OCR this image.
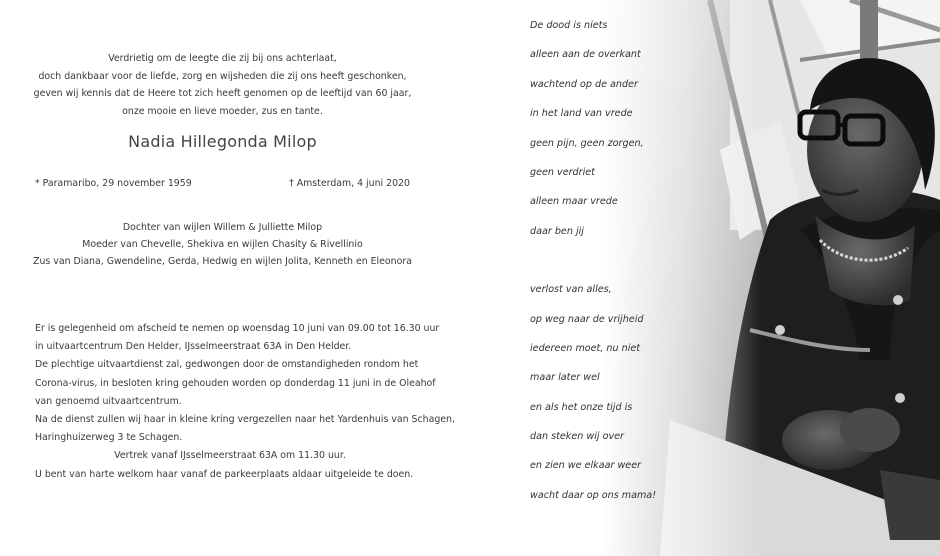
Verdrietig om de leegte die zij bij ons achterlaat,
doch dankbaar voor de liefde, zorg en wijsheden die zij ons heeft geschonken,
geven wij kennis dat de Heere tot zich heeft genomen op de leeftijd van 60 jaar,
onze mooie en lieve moeder, zus en tante.
Nadia Hillegonda Milop
* Paramaribo, 29 november 1959	† Amsterdam, 4 juni 2020
Dochter van wijlen Willem & Julliette Milop
Moeder van Chevelle, Shekiva en wijlen Chasity & Rivellinio
Zus van Diana, Gwendeline, Gerda, Hedwig en wijlen Jolita, Kenneth en Eleonora
Er is gelegenheid om afscheid te nemen op woensdag 10 juni van 09.00 tot 16.30 uur
in uitvaartcentrum Den Helder, IJsselmeerstraat 63A in Den Helder.
De plechtige uitvaartdienst zal, gedwongen door de omstandigheden rondom het
Corona-virus, in besloten kring gehouden worden op donderdag 11 juni in de Oleahof
van genoemd uitvaartcentrum.
Na de dienst zullen wij haar in kleine kring vergezellen naar het Yardenhuis van Schagen,
Haringhuizerweg 3 te Schagen.
Vertrek vanaf IJsselmeerstraat 63A om 11.30 uur.
U bent van harte welkom haar vanaf de parkeerplaats aldaar uitgeleide te doen.
De dood is niets
alleen aan de overkant
wachtend op de ander
in het land van vrede
geen pijn, geen zorgen,
geen verdriet
alleen maar vrede
daar ben jij
verlost van alles,
op weg naar de vrijheid
iedereen moet, nu niet
maar later wel
en als het onze tijd is
dan steken wij over
en zien we elkaar weer
wacht daar op ons mama!
